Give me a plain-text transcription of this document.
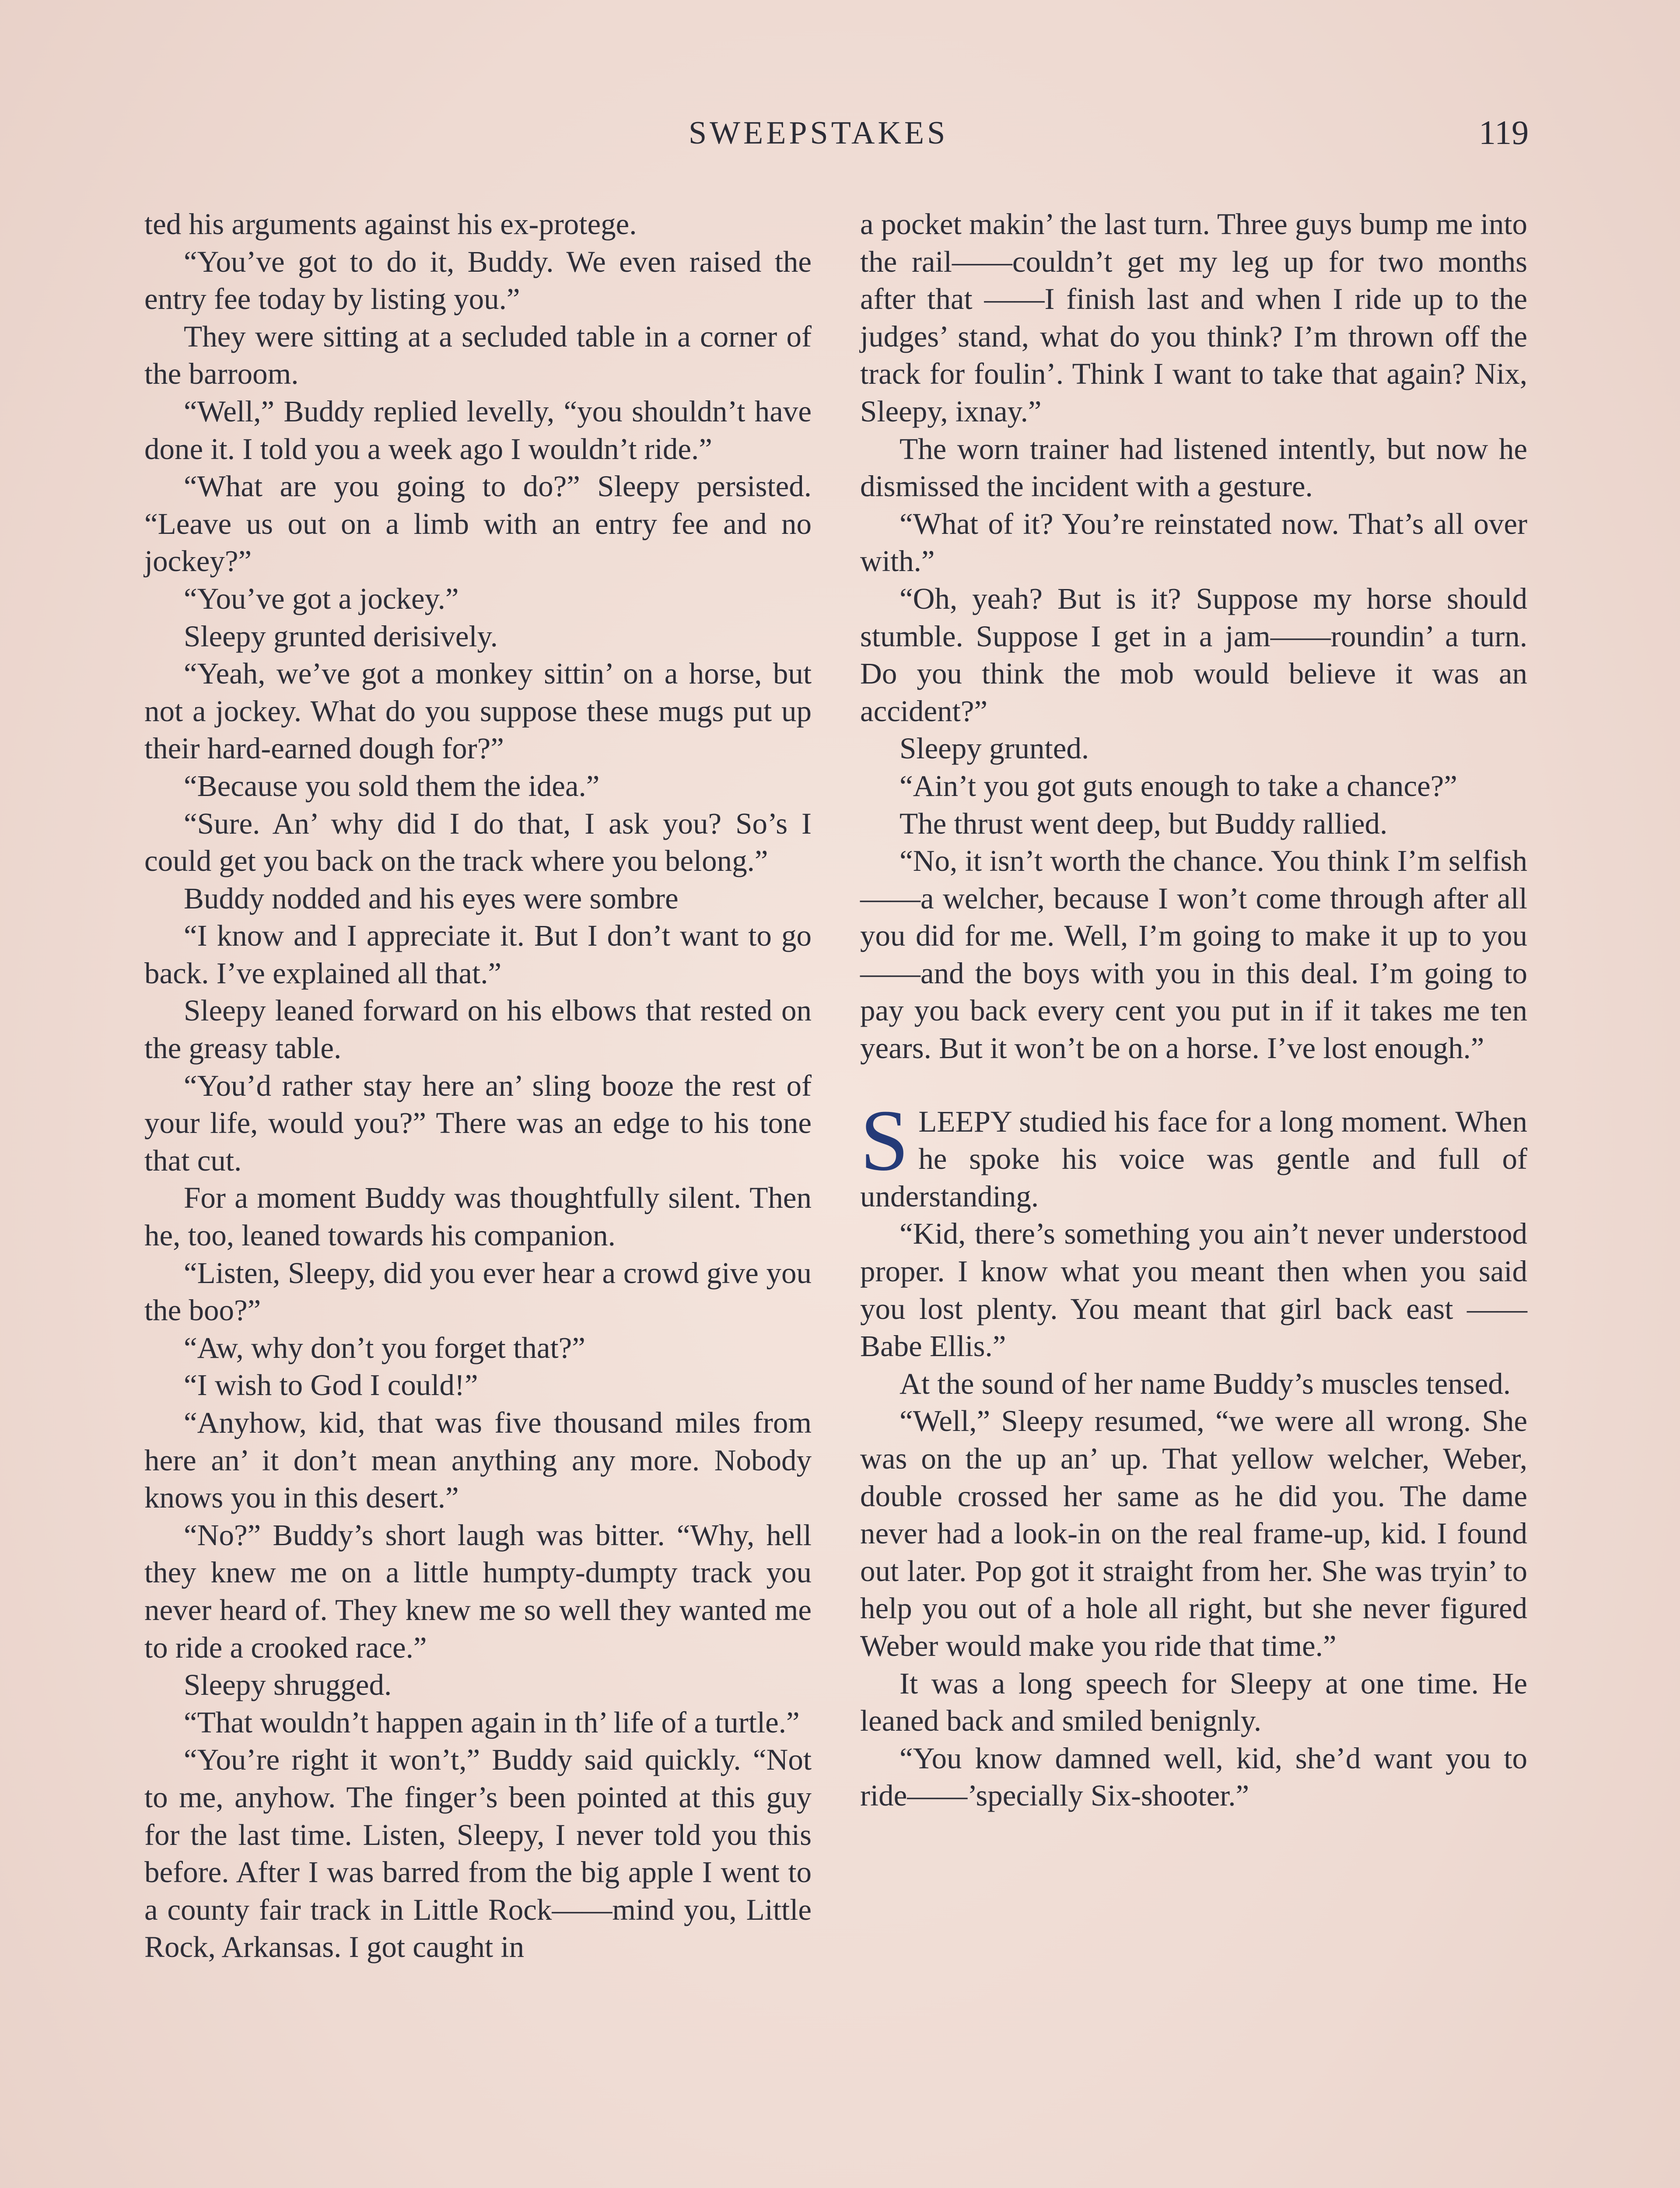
SWEEPSTAKES	119

ted his arguments against his ex-protege.

“You’ve got to do it, Buddy. We even raised the entry fee today by listing you.”

They were sitting at a secluded table in a corner of the barroom.

“Well,” Buddy replied levelly, “you shouldn’t have done it. I told you a week ago I wouldn’t ride.”

“What are you going to do?” Sleepy persisted. “Leave us out on a limb with an entry fee and no jockey?”

“You’ve got a jockey.”

Sleepy grunted derisively.

“Yeah, we’ve got a monkey sittin’ on a horse, but not a jockey. What do you suppose these mugs put up their hard-earned dough for?”

“Because you sold them the idea.”

“Sure. An’ why did I do that, I ask you? So’s I could get you back on the track where you belong.”

Buddy nodded and his eyes were sombre

“I know and I appreciate it. But I don’t want to go back. I’ve explained all that.”

Sleepy leaned forward on his elbows that rested on the greasy table.

“You’d rather stay here an’ sling booze the rest of your life, would you?” There was an edge to his tone that cut.

For a moment Buddy was thoughtfully silent. Then he, too, leaned towards his companion.

“Listen, Sleepy, did you ever hear a crowd give you the boo?”

“Aw, why don’t you forget that?”

“I wish to God I could!”

“Anyhow, kid, that was five thousand miles from here an’ it don’t mean anything any more. Nobody knows you in this desert.”

“No?” Buddy’s short laugh was bitter. “Why, hell they knew me on a little humpty-dumpty track you never heard of. They knew me so well they wanted me to ride a crooked race.”

Sleepy shrugged.

“That wouldn’t happen again in th’ life of a turtle.”

“You’re right it won’t,” Buddy said quickly. “Not to me, anyhow. The finger’s been pointed at this guy for the last time. Listen, Sleepy, I never told you this before. After I was barred from the big apple I went to a county fair track in Little Rock——mind you, Little Rock, Arkansas. I got caught in

a pocket makin’ the last turn. Three guys bump me into the rail——couldn’t get my leg up for two months after that ——I finish last and when I ride up to the judges’ stand, what do you think? I’m thrown off the track for foulin’. Think I want to take that again? Nix, Sleepy, ixnay.”

The worn trainer had listened intently, but now he dismissed the incident with a gesture.

“What of it? You’re reinstated now. That’s all over with.”

“Oh, yeah? But is it? Suppose my horse should stumble. Suppose I get in a jam——roundin’ a turn. Do you think the mob would believe it was an accident?”

Sleepy grunted.

“Ain’t you got guts enough to take a chance?”

The thrust went deep, but Buddy rallied.

“No, it isn’t worth the chance. You think I’m selfish——a welcher, because I won’t come through after all you did for me. Well, I’m going to make it up to you——and the boys with you in this deal. I’m going to pay you back every cent you put in if it takes me ten years. But it won’t be on a horse. I’ve lost enough.”

SLEEPY studied his face for a long moment. When he spoke his voice was gentle and full of understanding.

“Kid, there’s something you ain’t never understood proper. I know what you meant then when you said you lost plenty. You meant that girl back east ——Babe Ellis.”

At the sound of her name Buddy’s muscles tensed.

“Well,” Sleepy resumed, “we were all wrong. She was on the up an’ up. That yellow welcher, Weber, double crossed her same as he did you. The dame never had a look-in on the real frame-up, kid. I found out later. Pop got it straight from her. She was tryin’ to help you out of a hole all right, but she never figured Weber would make you ride that time.”

It was a long speech for Sleepy at one time. He leaned back and smiled benignly.

“You know damned well, kid, she’d want you to ride——’specially Six-shooter.”
